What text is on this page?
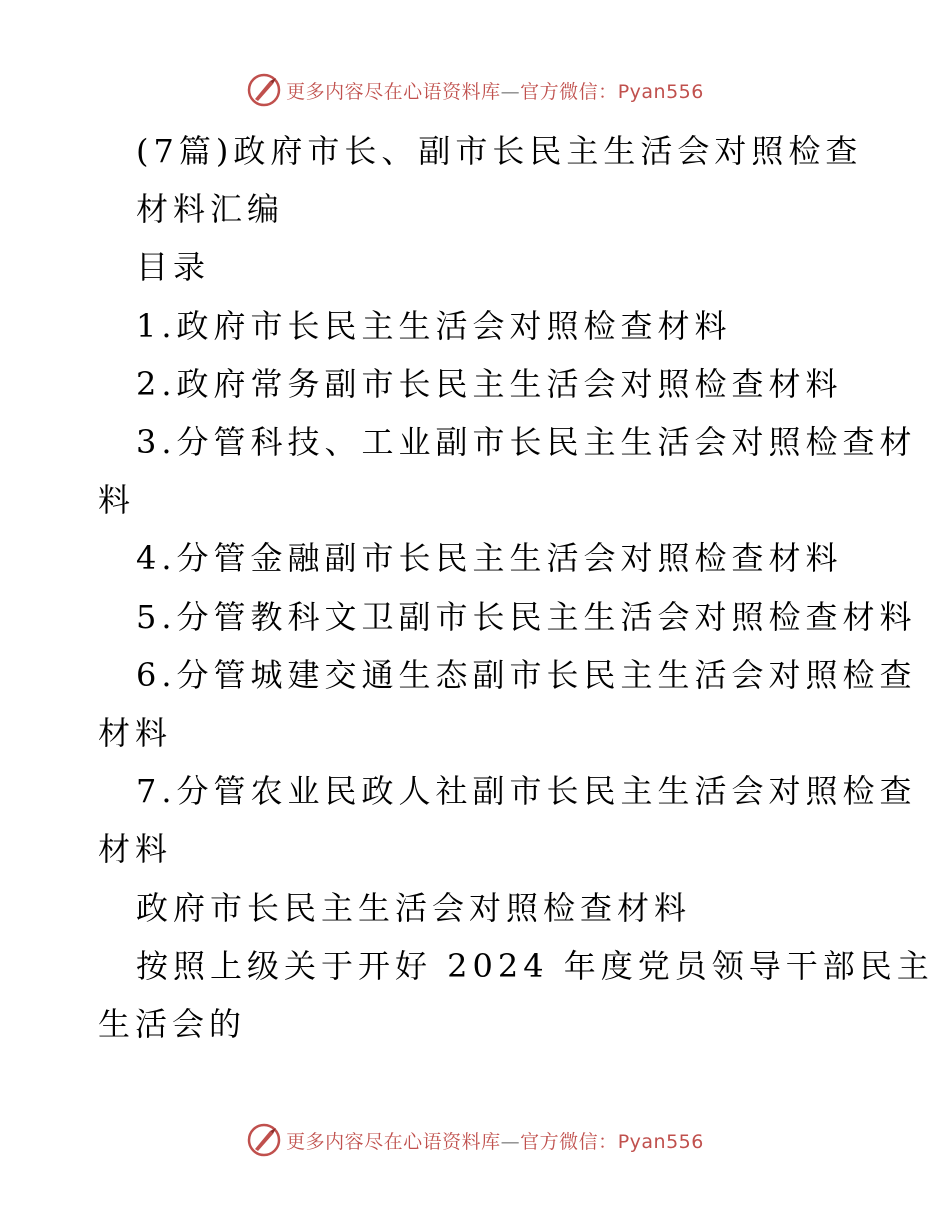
更多内容尽在心语资料库—官方微信：Pyan556

(7篇)政府市长、副市长民主生活会对照检查

材料汇编

目录

1.政府市长民主生活会对照检查材料

2.政府常务副市长民主生活会对照检查材料

3.分管科技、工业副市长民主生活会对照检查材

料

4.分管金融副市长民主生活会对照检查材料

5.分管教科文卫副市长民主生活会对照检查材料

6.分管城建交通生态副市长民主生活会对照检查

材料

7.分管农业民政人社副市长民主生活会对照检查

材料

政府市长民主生活会对照检查材料

按照上级关于开好 2024 年度党员领导干部民主

生活会的

更多内容尽在心语资料库—官方微信：Pyan556
